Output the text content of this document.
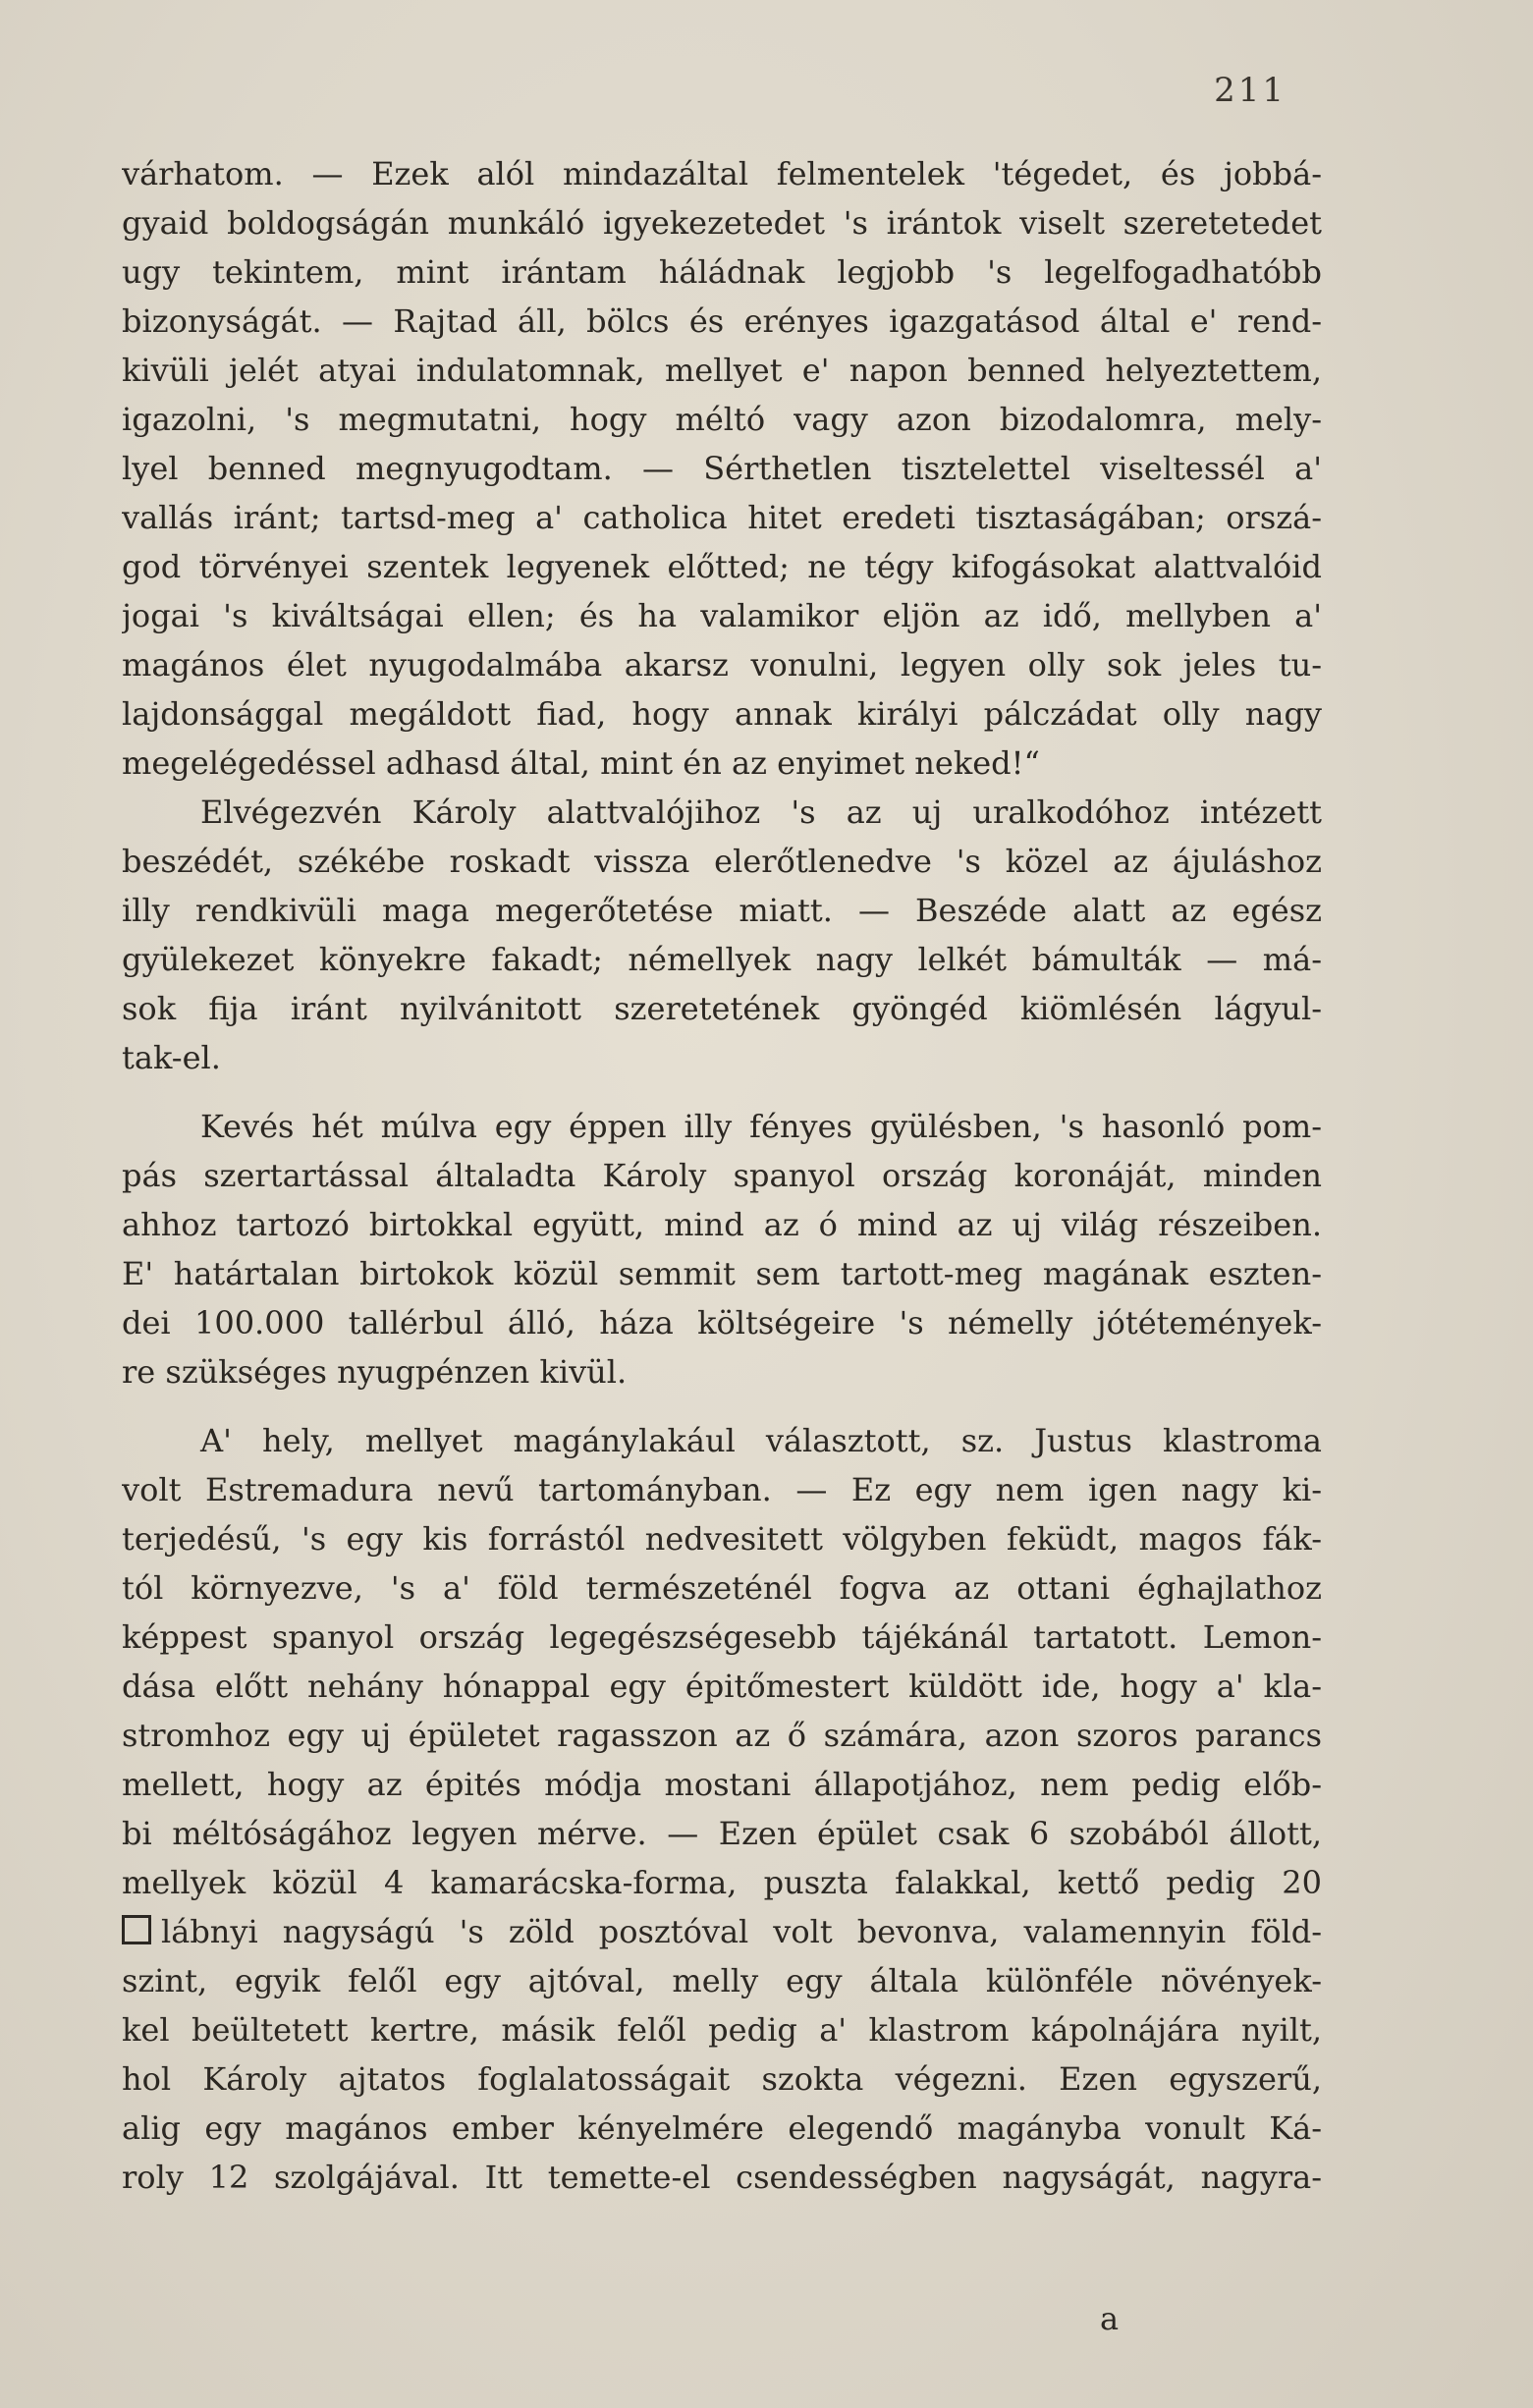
211
várhatom. — Ezek alól mindazáltal felmentelek 'tégedet, és jobbá-
gyaid boldogságán munkáló igyekezetedet 's irántok viselt szeretetedet
ugy tekintem, mint irántam háládnak legjobb 's legelfogadhatóbb
bizonyságát. — Rajtad áll, bölcs és erényes igazgatásod által e' rend-
kivüli jelét atyai indulatomnak, mellyet e' napon benned helyeztettem,
igazolni, 's megmutatni, hogy méltó vagy azon bizodalomra, mely-
lyel benned megnyugodtam. — Sérthetlen tisztelettel viseltessél a'
vallás iránt; tartsd-meg a' catholica hitet eredeti tisztaságában; orszá-
god törvényei szentek legyenek előtted; ne tégy kifogásokat alattvalóid
jogai 's kiváltságai ellen; és ha valamikor eljön az idő, mellyben a'
magános élet nyugodalmába akarsz vonulni, legyen olly sok jeles tu-
lajdonsággal megáldott fiad, hogy annak királyi pálczádat olly nagy
megelégedéssel adhasd által, mint én az enyimet neked!“
Elvégezvén Károly alattvalójihoz 's az uj uralkodóhoz intézett
beszédét, székébe roskadt vissza elerőtlenedve 's közel az ájuláshoz
illy rendkivüli maga megerőtetése miatt. — Beszéde alatt az egész
gyülekezet könyekre fakadt; némellyek nagy lelkét bámulták — má-
sok fija iránt nyilvánitott szeretetének gyöngéd kiömlésén lágyul-
tak-el.
Kevés hét múlva egy éppen illy fényes gyülésben, 's hasonló pom-
pás szertartással általadta Károly spanyol ország koronáját, minden
ahhoz tartozó birtokkal együtt, mind az ó mind az uj világ részeiben.
E' határtalan birtokok közül semmit sem tartott-meg magának eszten-
dei 100.000 tallérbul álló, háza költségeire 's némelly jótétemények-
re szükséges nyugpénzen kivül.
A' hely, mellyet magánylakául választott, sz. Justus klastroma
volt Estremadura nevű tartományban. — Ez egy nem igen nagy ki-
terjedésű, 's egy kis forrástól nedvesitett völgyben feküdt, magos fák-
tól környezve, 's a' föld természeténél fogva az ottani éghajlathoz
képpest spanyol ország legegészségesebb tájékánál tartatott. Lemon-
dása előtt nehány hónappal egy épitőmestert küldött ide, hogy a' kla-
stromhoz egy uj épületet ragasszon az ő számára, azon szoros parancs
mellett, hogy az épités módja mostani állapotjához, nem pedig előb-
bi méltóságához legyen mérve. — Ezen épület csak 6 szobából állott,
mellyek közül 4 kamarácska-forma, puszta falakkal, kettő pedig 20
lábnyi nagyságú 's zöld posztóval volt bevonva, valamennyin föld-
szint, egyik felől egy ajtóval, melly egy általa különféle növények-
kel beültetett kertre, másik felől pedig a' klastrom kápolnájára nyilt,
hol Károly ajtatos foglalatosságait szokta végezni. Ezen egyszerű,
alig egy magános ember kényelmére elegendő magányba vonult Ká-
roly 12 szolgájával. Itt temette-el csendességben nagyságát, nagyra-
a
